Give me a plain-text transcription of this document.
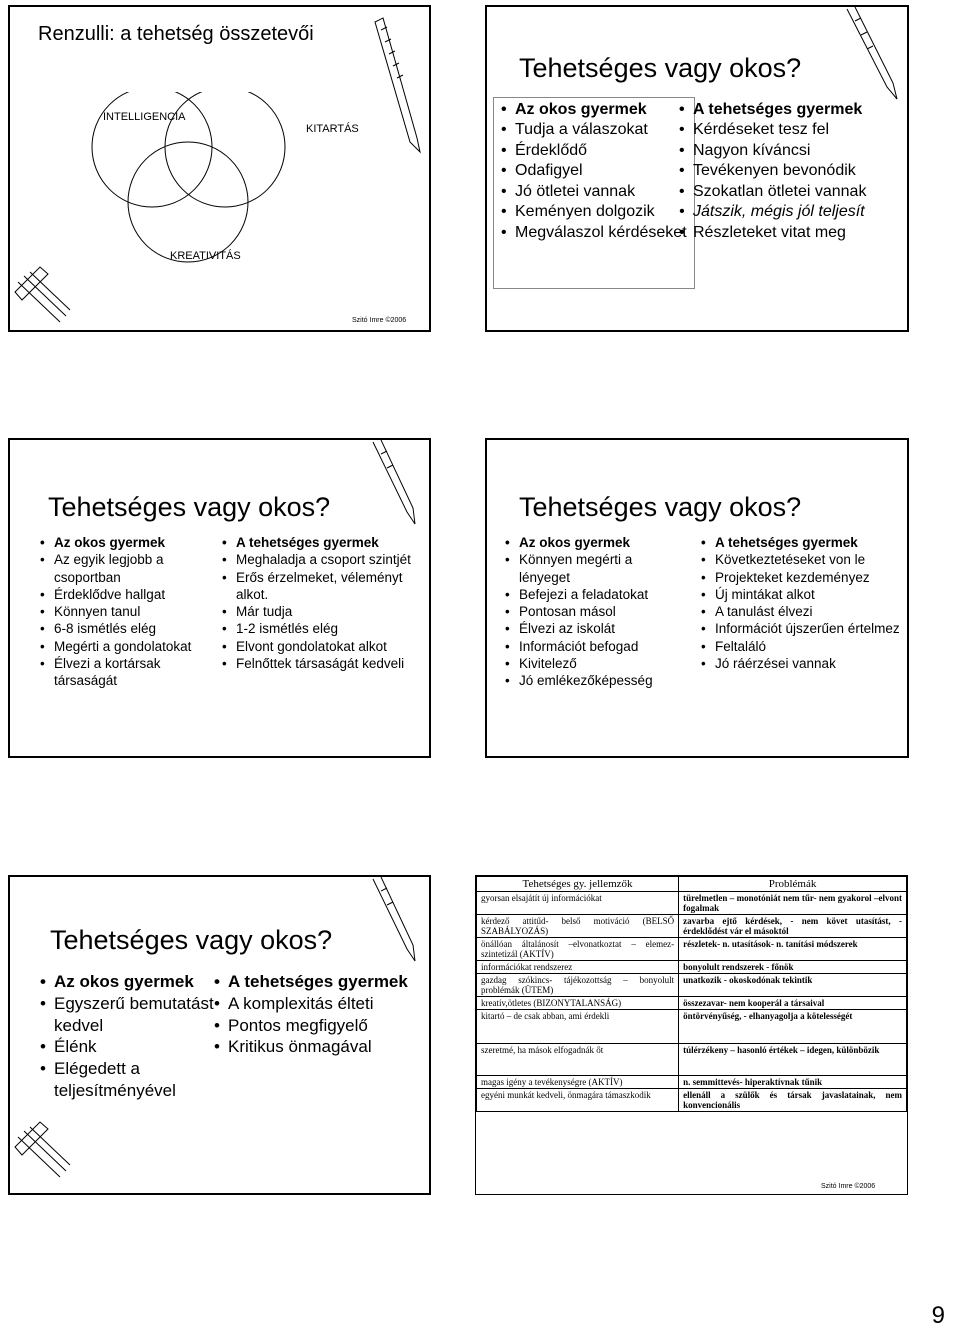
Renzulli: a tehetség összetevői
INTELLIGENCIA
KITARTÁS
KREATIVITÁS
Szitó Imre ©2006
Tehetséges vagy okos?
• Az okos gyermek
• Tudja a válaszokat
• Érdeklődő
• Odafigyel
• Jó ötletei vannak
• Keményen dolgozik
• Megválaszol kérdéseket
• A tehetséges gyermek
• Kérdéseket tesz fel
• Nagyon kíváncsi
• Tevékenyen bevonódik
• Szokatlan ötletei vannak
• Játszik, mégis jól teljesít
• Részleteket vitat meg
Tehetséges vagy okos?
• Az okos gyermek
• Az egyik legjobb a csoportban
• Érdeklődve hallgat
• Könnyen tanul
• 6-8 ismétlés elég
• Megérti a gondolatokat
• Élvezi a kortársak társaságát
• A tehetséges gyermek
• Meghaladja a csoport szintjét
• Erős érzelmeket, véleményt alkot.
• Már tudja
• 1-2 ismétlés elég
• Elvont gondolatokat alkot
• Felnőttek társaságát kedveli
Tehetséges vagy okos?
• Az okos gyermek
• Könnyen megérti a lényeget
• Befejezi a feladatokat
• Pontosan másol
• Élvezi az iskolát
• Információt befogad
• Kivitelező
• Jó emlékezőképesség
• A tehetséges gyermek
• Következtetéseket von le
• Projekteket kezdeményez
• Új mintákat alkot
• A tanulást élvezi
• Információt újszerűen értelmez
• Feltaláló
• Jó ráérzései vannak
Tehetséges vagy okos?
• Az okos gyermek
• Egyszerű bemutatást kedvel
• Élénk
• Elégedett a teljesítményével
• A tehetséges gyermek
• A komplexitás élteti
• Pontos megfigyelő
• Kritikus önmagával
Tehetséges gy. jellemzők	Problémák
gyorsan elsajátít új információkat	türelmetlen – monotóniát nem tűr- nem gyakorol –elvont fogalmak
kérdező attitűd- belső motiváció (BELSŐ SZABÁLYOZÁS)	zavarba ejtő kérdések, - nem követ utasítást, - érdeklődést vár el másoktól
önállóan általánosít –elvonatkoztat – elemez- szintetizál (AKTÍV)	részletek- n. utasítások- n. tanítási módszerek
információkat rendszerez	bonyolult rendszerek - főnök
gazdag szókincs- tájékozottság – bonyolult problémák (ÜTEM)	unatkozik - okoskodónak tekintik
kreatív,ötletes (BIZONYTALANSÁG)	összezavar- nem kooperál a társaival
kitartó – de csak abban, ami érdekli	öntörvényűség, - elhanyagolja a kötelességét
szeretmé, ha mások elfogadnák őt	túlérzékeny – hasonló értékek – idegen, különbözik
magas igény a tevékenységre (AKTÍV)	n. semmittevés- hiperaktívnak tűnik
egyéni munkát kedveli, önmagára támaszkodik	ellenáll a szülők és társak javaslatainak, nem konvencionális
Szitó Imre ©2006
9
